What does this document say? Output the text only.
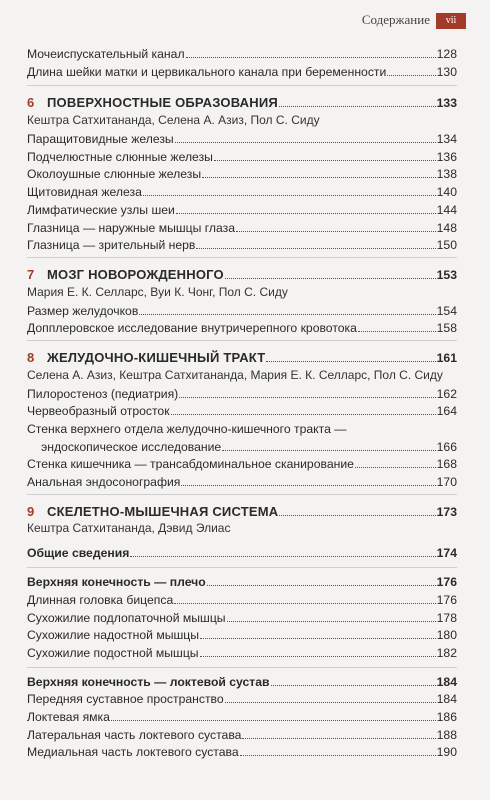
Содержание	vii
Мочеиспускательный канал	128
Длина шейки матки и цервикального канала при беременности	130
6 ПОВЕРХНОСТНЫЕ ОБРАЗОВАНИЯ	133
Кештра Сатхитананда, Селена А. Азиз, Пол С. Сиду
Паращитовидные железы	134
Подчелюстные слюнные железы	136
Околоушные слюнные железы	138
Щитовидная железа	140
Лимфатические узлы шеи	144
Глазница — наружные мышцы глаза	148
Глазница — зрительный нерв	150
7 МОЗГ НОВОРОЖДЕННОГО	153
Мария Е. К. Селларс, Вуи К. Чонг, Пол С. Сиду
Размер желудочков	154
Допплеровское исследование внутричерепного кровотока	158
8 ЖЕЛУДОЧНО-КИШЕЧНЫЙ ТРАКТ	161
Селена А. Азиз, Кештра Сатхитананда, Мария Е. К. Селларс, Пол С. Сиду
Пилоростеноз (педиатрия)	162
Червеобразный отросток	164
Стенка верхнего отдела желудочно-кишечного тракта —
эндоскопическое исследование	166
Стенка кишечника — трансабдоминальное сканирование	168
Анальная эндосонография	170
9 СКЕЛЕТНО-МЫШЕЧНАЯ СИСТЕМА	173
Кештра Сатхитананда, Дэвид Элиас
Общие сведения	174
Верхняя конечность — плечо	176
Длинная головка бицепса	176
Сухожилие подлопаточной мышцы	178
Сухожилие надостной мышцы	180
Сухожилие подостной мышцы	182
Верхняя конечность — локтевой сустав	184
Передняя суставное пространство	184
Локтевая ямка	186
Латеральная часть локтевого сустава	188
Медиальная часть локтевого сустава	190
